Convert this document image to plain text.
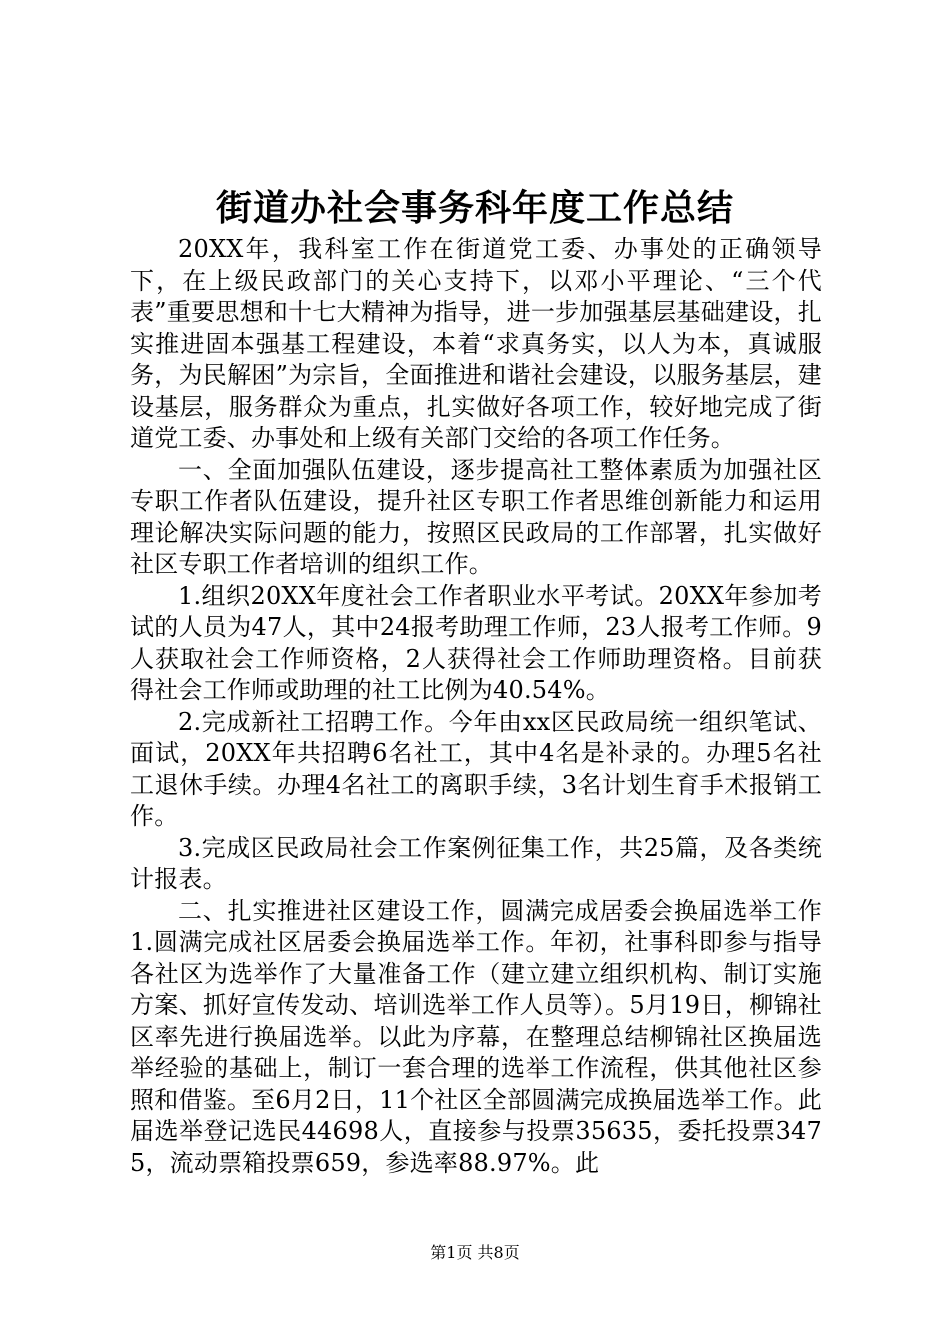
街道办社会事务科年度工作总结

20XX年，我科室工作在街道党工委、办事处的正确领导下，在上级民政部门的关心支持下，以邓小平理论、“三个代表”重要思想和十七大精神为指导，进一步加强基层基础建设，扎实推进固本强基工程建设，本着“求真务实，以人为本，真诚服务，为民解困”为宗旨，全面推进和谐社会建设，以服务基层，建设基层，服务群众为重点，扎实做好各项工作，较好地完成了街道党工委、办事处和上级有关部门交给的各项工作任务。

一、全面加强队伍建设，逐步提高社工整体素质为加强社区专职工作者队伍建设，提升社区专职工作者思维创新能力和运用理论解决实际问题的能力，按照区民政局的工作部署，扎实做好社区专职工作者培训的组织工作。

1.组织20XX年度社会工作者职业水平考试。20XX年参加考试的人员为47人，其中24报考助理工作师，23人报考工作师。9人获取社会工作师资格，2人获得社会工作师助理资格。目前获得社会工作师或助理的社工比例为40.54%。

2.完成新社工招聘工作。今年由xx区民政局统一组织笔试、面试，20XX年共招聘6名社工，其中4名是补录的。办理5名社工退休手续。办理4名社工的离职手续，3名计划生育手术报销工作。

3.完成区民政局社会工作案例征集工作，共25篇，及各类统计报表。

二、扎实推进社区建设工作，圆满完成居委会换届选举工作1.圆满完成社区居委会换届选举工作。年初，社事科即参与指导各社区为选举作了大量准备工作（建立建立组织机构、制订实施方案、抓好宣传发动、培训选举工作人员等）。5月19日，柳锦社区率先进行换届选举。以此为序幕，在整理总结柳锦社区换届选举经验的基础上，制订一套合理的选举工作流程，供其他社区参照和借鉴。至6月2日，11个社区全部圆满完成换届选举工作。此届选举登记选民44698人，直接参与投票35635，委托投票3475，流动票箱投票659，参选率88.97%。此

第1页 共8页
